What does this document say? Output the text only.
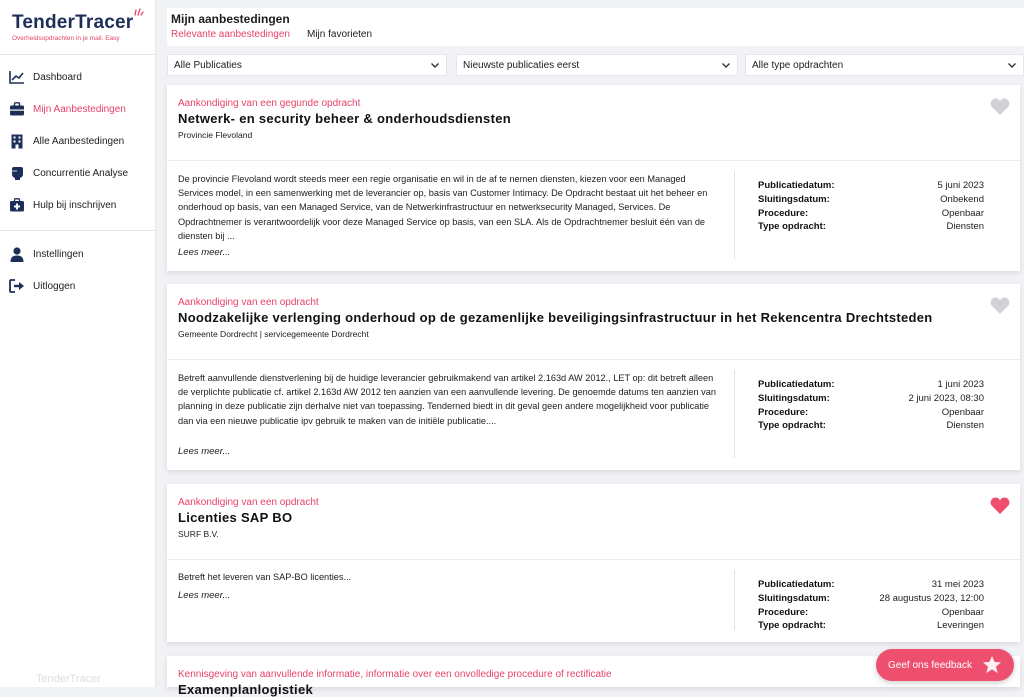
TenderTracer
Overheidsopdrachten in je mail. Easy
Dashboard
Mijn Aanbestedingen
Alle Aanbestedingen
Concurrentie Analyse
Hulp bij inschrijven
Instellingen
Uitloggen
TenderTracer
Mijn aanbestedingen
Relevante aanbestedingen Mijn favorieten
Alle Publicaties	Nieuwste publicaties eerst	Alle type opdrachten
Aankondiging van een gegunde opdracht
Netwerk- en security beheer & onderhoudsdiensten
Provincie Flevoland
De provincie Flevoland wordt steeds meer een regie organisatie en wil in de af te nemen diensten, kiezen voor een Managed Services model, in een samenwerking met de leverancier op, basis van Customer Intimacy. De Opdracht bestaat uit het beheer en onderhoud op basis, van een Managed Service, van de Netwerkinfrastructuur en netwerksecurity Managed, Services. De Opdrachtnemer is verantwoordelijk voor deze Managed Service op basis, van een SLA. Als de Opdrachtnemer besluit één van de diensten bij ...
Lees meer...
Publicatiedatum:	5 juni 2023
Sluitingsdatum:	Onbekend
Procedure:	Openbaar
Type opdracht:	Diensten
Aankondiging van een opdracht
Noodzakelijke verlenging onderhoud op de gezamenlijke beveiligingsinfrastructuur in het Rekencentra Drechtsteden
Gemeente Dordrecht | servicegemeente Dordrecht
Betreft aanvullende dienstverlening bij de huidige leverancier gebruikmakend van artikel 2.163d AW 2012., LET op: dit betreft alleen de verplichte publicatie cf. artikel 2.163d AW 2012 ten aanzien van een aanvullende levering. De genoemde datums ten aanzien van planning in deze publicatie zijn derhalve niet van toepassing. Tenderned biedt in dit geval geen andere mogelijkheid voor publicatie dan via een nieuwe publicatie ipv gebruik te maken van de initiële publicatie....
Lees meer...
Publicatiedatum:	1 juni 2023
Sluitingsdatum:	2 juni 2023, 08:30
Procedure:	Openbaar
Type opdracht:	Diensten
Aankondiging van een opdracht
Licenties SAP BO
SURF B.V.
Betreft het leveren van SAP-BO licenties...
Lees meer...
Publicatiedatum:	31 mei 2023
Sluitingsdatum:	28 augustus 2023, 12:00
Procedure:	Openbaar
Type opdracht:	Leveringen
Kennisgeving van aanvullende informatie, informatie over een onvolledige procedure of rectificatie
Examenplanlogistiek
Geef ons feedback
